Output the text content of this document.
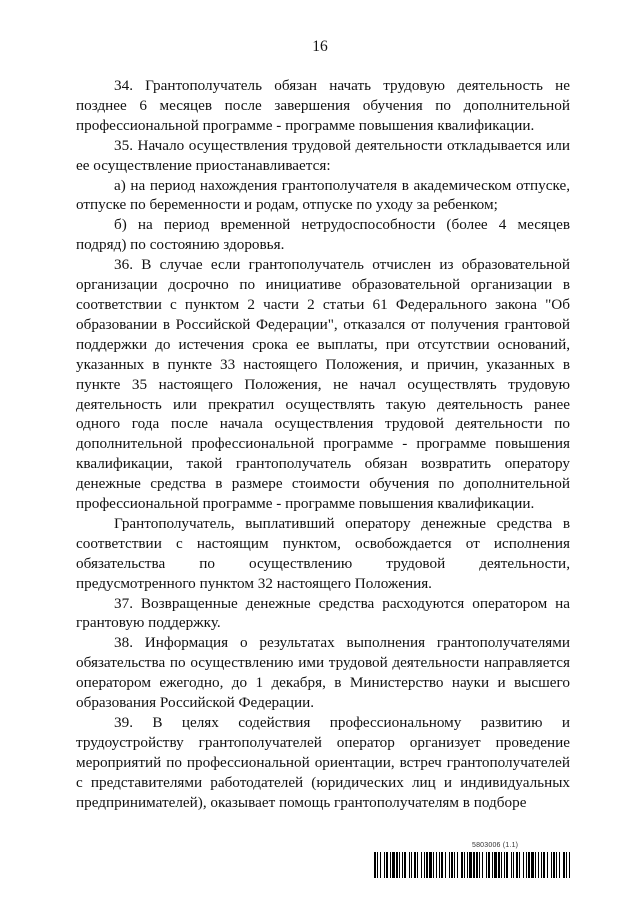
16

34. Грантополучатель обязан начать трудовую деятельность не позднее 6 месяцев после завершения обучения по дополнительной профессиональной программе - программе повышения квалификации.

35. Начало осуществления трудовой деятельности откладывается или ее осуществление приостанавливается:

а) на период нахождения грантополучателя в академическом отпуске, отпуске по беременности и родам, отпуске по уходу за ребенком;

б) на период временной нетрудоспособности (более 4 месяцев подряд) по состоянию здоровья.

36. В случае если грантополучатель отчислен из образовательной организации досрочно по инициативе образовательной организации в соответствии с пунктом 2 части 2 статьи 61 Федерального закона "Об образовании в Российской Федерации", отказался от получения грантовой поддержки до истечения срока ее выплаты, при отсутствии оснований, указанных в пункте 33 настоящего Положения, и причин, указанных в пункте 35 настоящего Положения, не начал осуществлять трудовую деятельность или прекратил осуществлять такую деятельность ранее одного года после начала осуществления трудовой деятельности по дополнительной профессиональной программе - программе повышения квалификации, такой грантополучатель обязан возвратить оператору денежные средства в размере стоимости обучения по дополнительной профессиональной программе - программе повышения квалификации.

Грантополучатель, выплативший оператору денежные средства в соответствии с настоящим пунктом, освобождается от исполнения обязательства по осуществлению трудовой деятельности, предусмотренного пунктом 32 настоящего Положения.

37. Возвращенные денежные средства расходуются оператором на грантовую поддержку.

38. Информация о результатах выполнения грантополучателями обязательства по осуществлению ими трудовой деятельности направляется оператором ежегодно, до 1 декабря, в Министерство науки и высшего образования Российской Федерации.

39. В целях содействия профессиональному развитию и трудоустройству грантополучателей оператор организует проведение мероприятий по профессиональной ориентации, встреч грантополучателей с представителями работодателей (юридических лиц и индивидуальных предпринимателей), оказывает помощь грантополучателям в подборе

5803006 (1.1)
